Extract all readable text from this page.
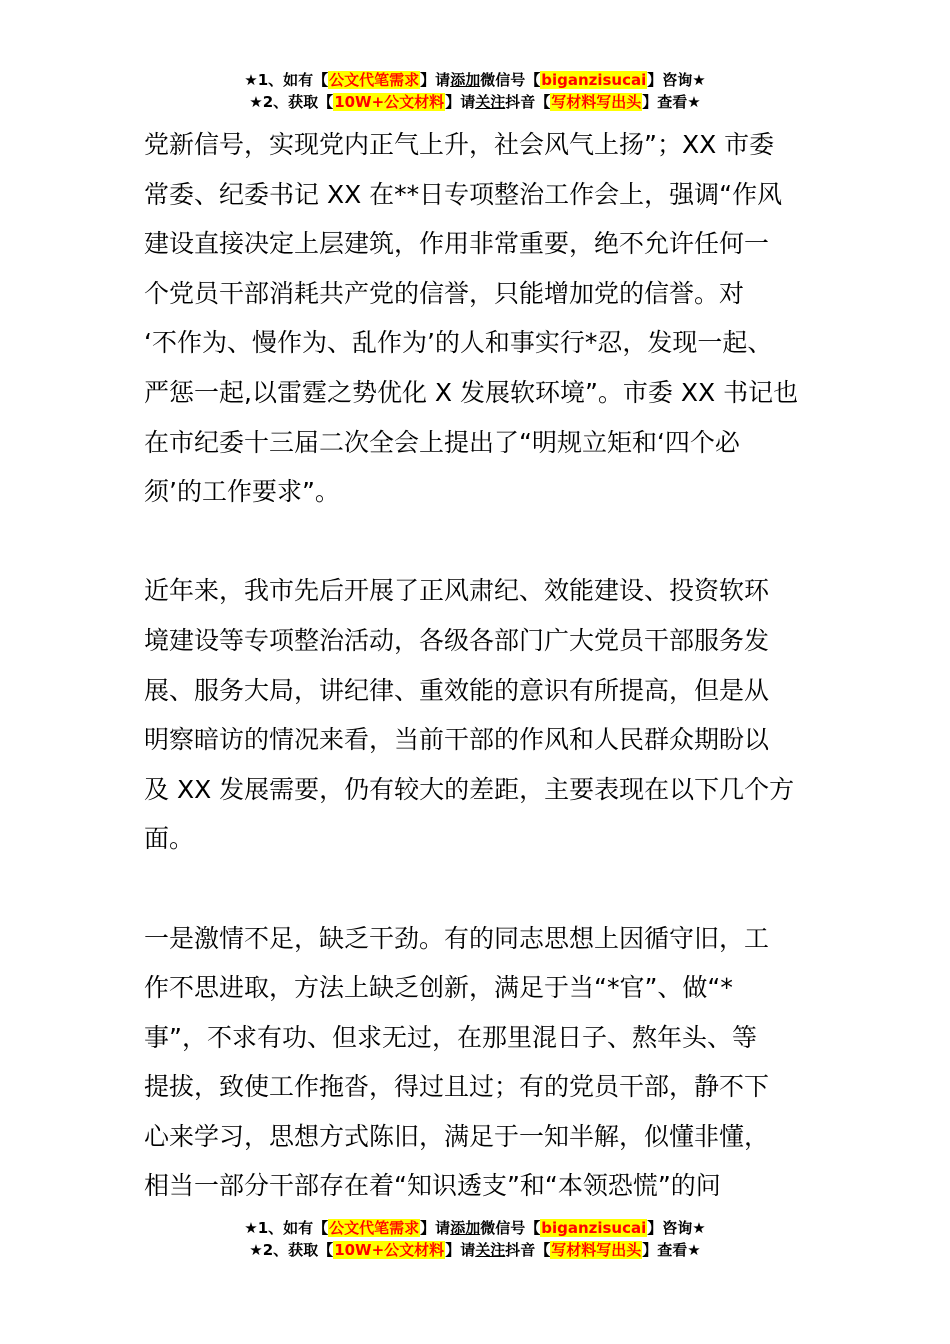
★1、如有【公文代笔需求】请添加微信号【biganzisucai】咨询★
★2、获取【10W+公文材料】请关注抖音【写材料写出头】查看★
党新信号，实现党内正气上升，社会风气上扬”；XX 市委
常委、纪委书记 XX 在**日专项整治工作会上，强调“作风
建设直接决定上层建筑，作用非常重要，绝不允许任何一
个党员干部消耗共产党的信誉，只能增加党的信誉。对
‘不作为、慢作为、乱作为’的人和事实行*忍，发现一起、
严惩一起,以雷霆之势优化 X 发展软环境”。市委 XX 书记也
在市纪委十三届二次全会上提出了“明规立矩和‘四个必
须’的工作要求”。
近年来，我市先后开展了正风肃纪、效能建设、投资软环
境建设等专项整治活动，各级各部门广大党员干部服务发
展、服务大局，讲纪律、重效能的意识有所提高，但是从
明察暗访的情况来看，当前干部的作风和人民群众期盼以
及 XX 发展需要，仍有较大的差距，主要表现在以下几个方
面。
一是激情不足，缺乏干劲。有的同志思想上因循守旧，工
作不思进取，方法上缺乏创新，满足于当“*官”、做“*
事”，不求有功、但求无过，在那里混日子、熬年头、等
提拔，致使工作拖沓，得过且过；有的党员干部，静不下
心来学习，思想方式陈旧，满足于一知半解，似懂非懂，
相当一部分干部存在着“知识透支”和“本领恐慌”的问
★1、如有【公文代笔需求】请添加微信号【biganzisucai】咨询★
★2、获取【10W+公文材料】请关注抖音【写材料写出头】查看★
